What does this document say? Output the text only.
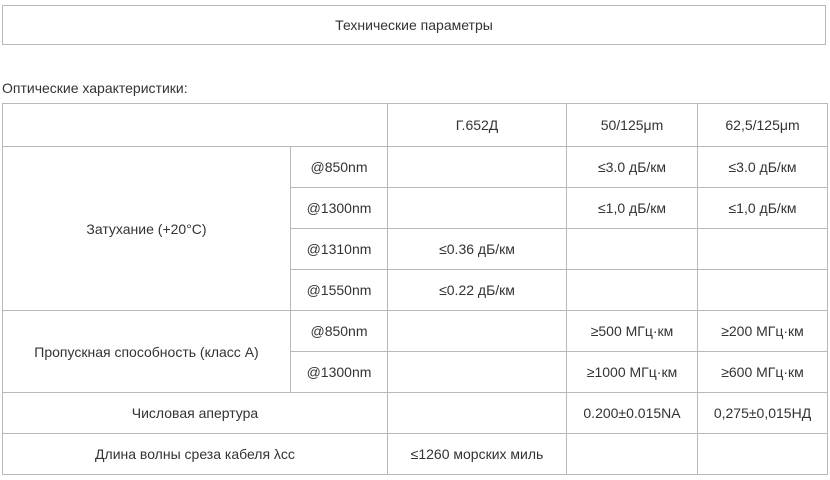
Технические параметры
Оптические характеристики:
		Г.652Д	50/125μm	62,5/125μm
Затухание (+20°C)	@850nm		≤3.0 дБ/км	≤3.0 дБ/км
	@1300nm		≤1,0 дБ/км	≤1,0 дБ/км
	@1310nm	≤0.36 дБ/км		
	@1550nm	≤0.22 дБ/км		
Пропускная способность (класс А)	@850nm		≥500 МГц·км	≥200 МГц·км
	@1300nm		≥1000 МГц·км	≥600 МГц·км
Числовая апертура			0.200±0.015NA	0,275±0,015НД
Длина волны среза кабеля λcc		≤1260 морских миль		
